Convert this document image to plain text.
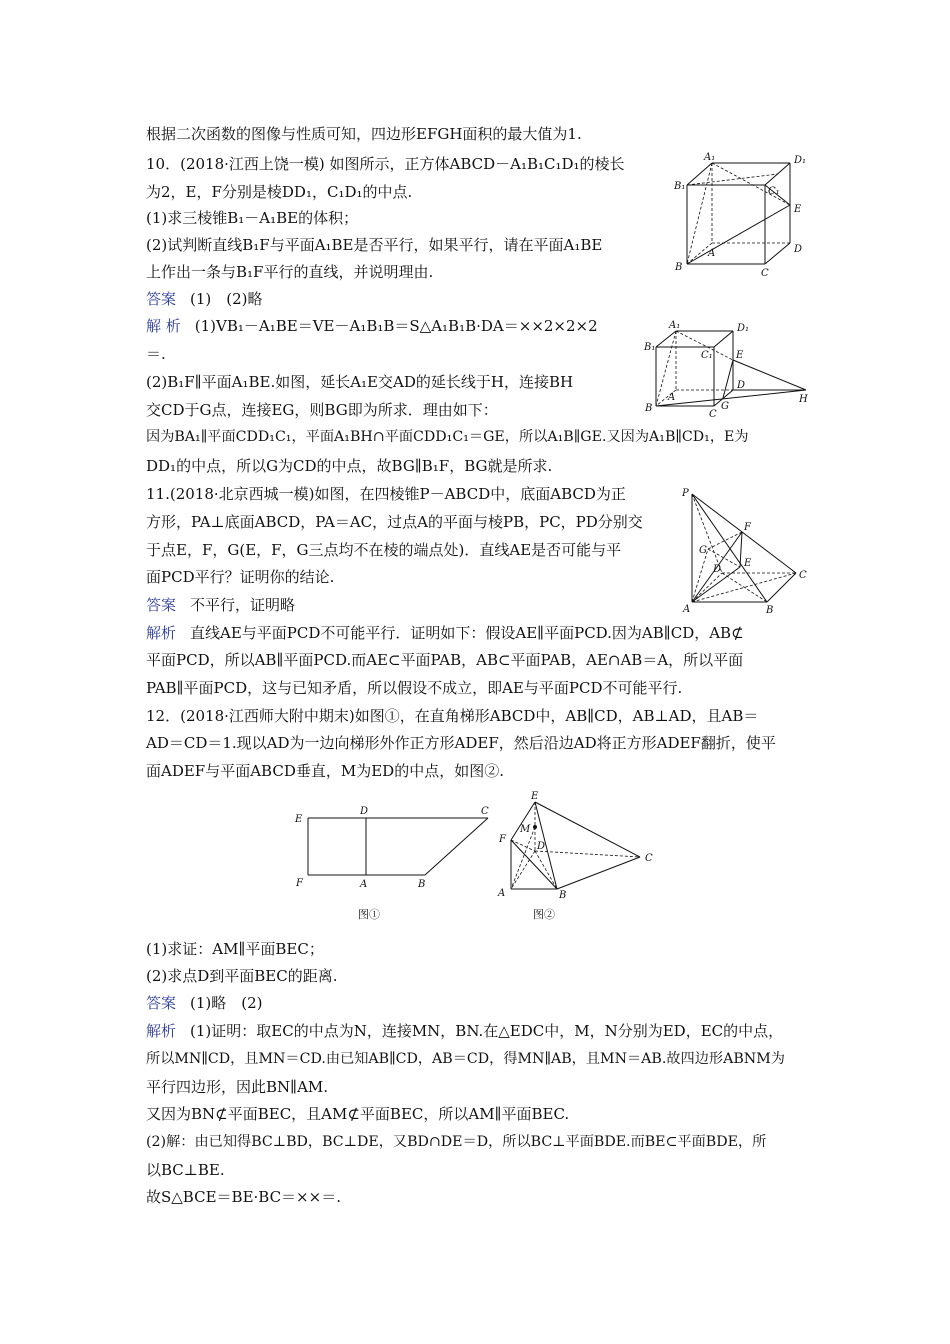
根据二次函数的图像与性质可知，四边形EFGH面积的最大值为1.
10．(2018·江西上饶一模) 如图所示，正方体ABCD－A₁B₁C₁D₁的棱长
为2，E，F分别是棱DD₁，C₁D₁的中点.
(1)求三棱锥B₁－A₁BE的体积；
(2)试判断直线B₁F与平面A₁BE是否平行，如果平行，请在平面A₁BE
上作出一条与B₁F平行的直线，并说明理由.
答案 (1)　(2)略
解 析 (1)VB₁－A₁BE＝VE－A₁B₁B＝S△A₁B₁B·DA＝××2×2×2
＝.
(2)B₁F∥平面A₁BE.如图，延长A₁E交AD的延长线于H，连接BH
交CD于G点，连接EG，则BG即为所求．理由如下：
因为BA₁∥平面CDD₁C₁，平面A₁BH∩平面CDD₁C₁＝GE，所以A₁B∥GE.又因为A₁B∥CD₁，E为
DD₁的中点，所以G为CD的中点，故BG∥B₁F，BG就是所求.
11.(2018·北京西城一模)如图，在四棱锥P－ABCD中，底面ABCD为正
方形，PA⊥底面ABCD，PA＝AC，过点A的平面与棱PB，PC，PD分别交
于点E，F，G(E，F，G三点均不在棱的端点处)．直线AE是否可能与平
面PCD平行？证明你的结论.
答案 不平行，证明略
解析 直线AE与平面PCD不可能平行．证明如下：假设AE∥平面PCD.因为AB∥CD，AB⊄
平面PCD，所以AB∥平面PCD.而AE⊂平面PAB，AB⊂平面PAB，AE∩AB＝A，所以平面
PAB∥平面PCD，这与已知矛盾，所以假设不成立，即AE与平面PCD不可能平行.
12．(2018·江西师大附中期末)如图①，在直角梯形ABCD中，AB∥CD，AB⊥AD，且AB＝
AD＝CD＝1.现以AD为一边向梯形外作正方形ADEF，然后沿边AD将正方形ADEF翻折，使平
面ADEF与平面ABCD垂直，M为ED的中点，如图②.
(1)求证：AM∥平面BEC；
(2)求点D到平面BEC的距离.
答案 (1)略　(2)
解析 (1)证明：取EC的中点为N，连接MN，BN.在△EDC中，M，N分别为ED，EC的中点，
所以MN∥CD，且MN＝CD.由已知AB∥CD，AB＝CD，得MN∥AB，且MN＝AB.故四边形ABNM为
平行四边形，因此BN∥AM.
又因为BN⊄平面BEC，且AM⊄平面BEC，所以AM∥平面BEC.
(2)解：由已知得BC⊥BD，BC⊥DE，又BD∩DE＝D，所以BC⊥平面BDE.而BE⊂平面BDE，所
以BC⊥BE.
故S△BCE＝BE·BC＝××＝.
A₁	D₁
B₁	C₁
E
A	D
B
C
A₁	D₁
B₁
C₁ E
D
H
A
G
B
C
P
F
G
E
D
C
A	B
E
D	C
F	A	B
图①
E
M
D
F
C
A	B
图②
